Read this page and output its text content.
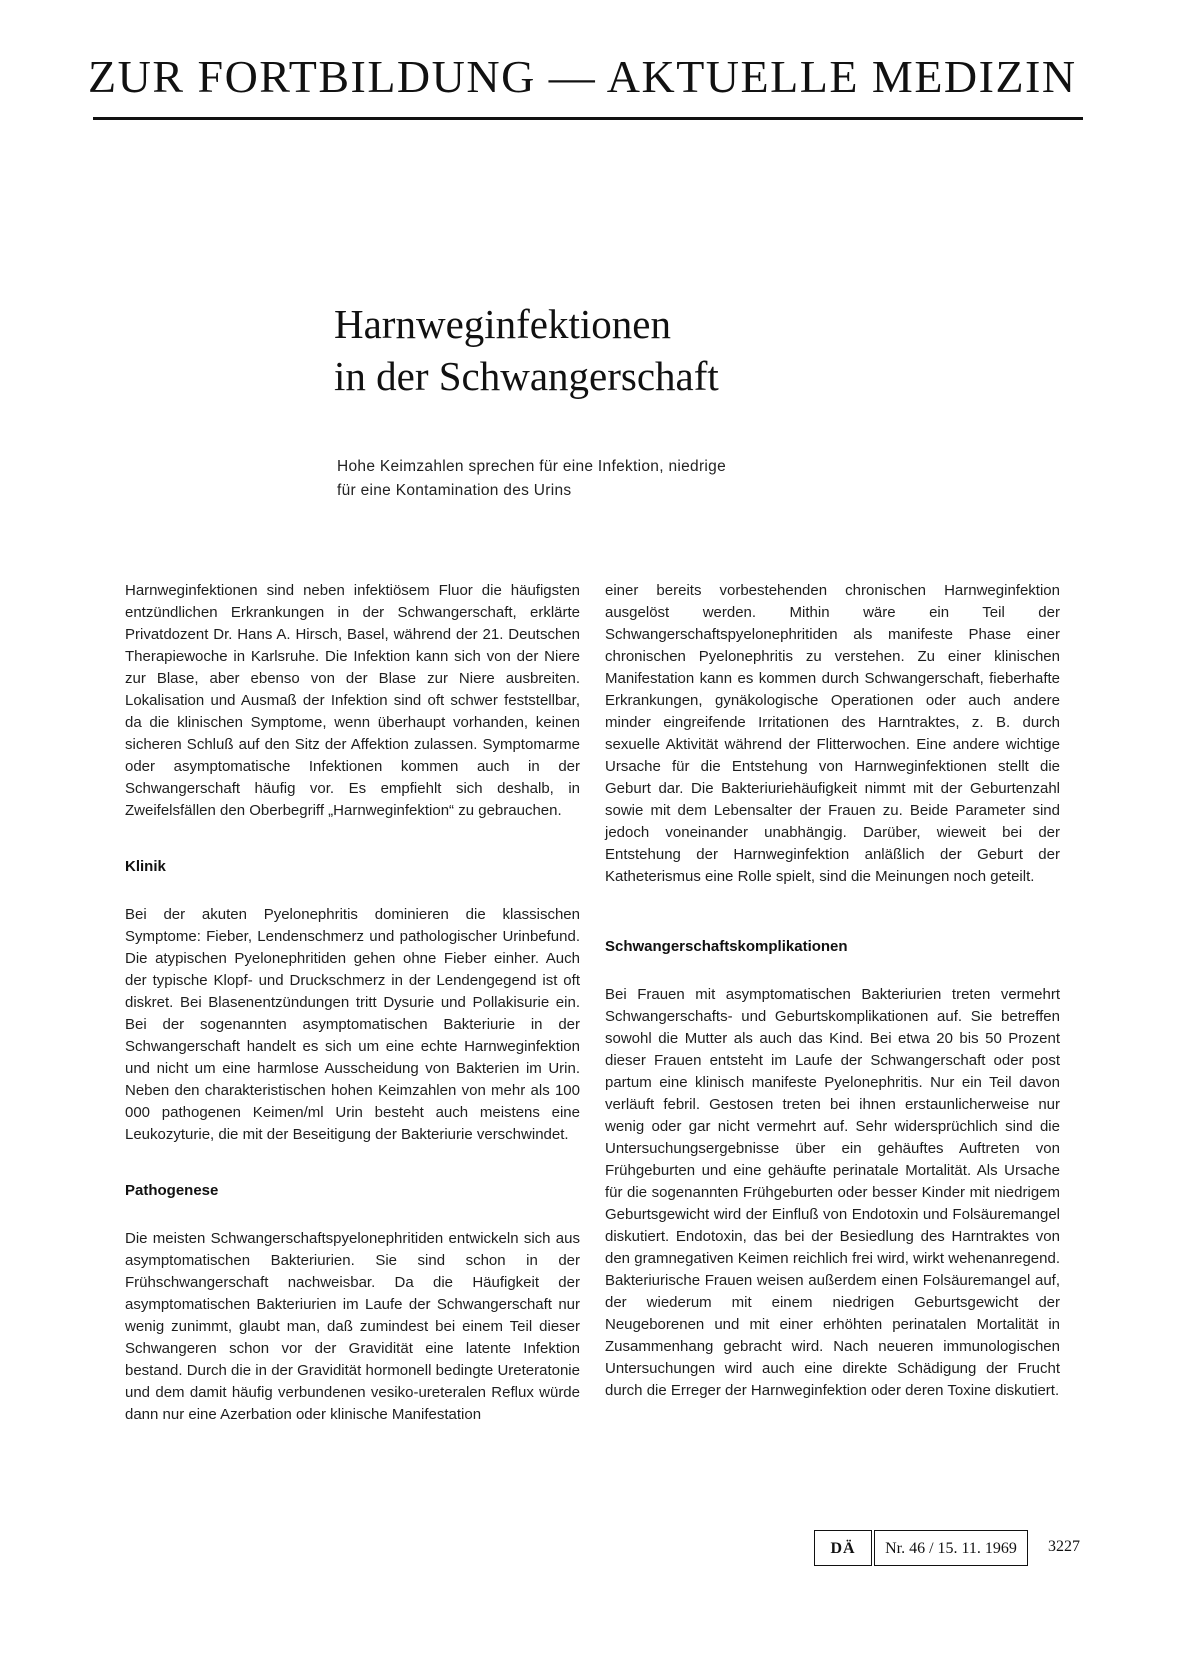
ZUR FORTBILDUNG — AKTUELLE MEDIZIN
Harnweginfektionen
in der Schwangerschaft
Hohe Keimzahlen sprechen für eine Infektion, niedrige
für eine Kontamination des Urins

Harnweginfektionen sind neben infektiösem Fluor die häufigsten entzündlichen Erkrankungen in der Schwangerschaft, erklärte Privatdozent Dr. Hans A. Hirsch, Basel, während der 21. Deutschen Therapiewoche in Karlsruhe. Die Infektion kann sich von der Niere zur Blase, aber ebenso von der Blase zur Niere ausbreiten. Lokalisation und Ausmaß der Infektion sind oft schwer feststellbar, da die klinischen Symptome, wenn überhaupt vorhanden, keinen sicheren Schluß auf den Sitz der Affektion zulassen. Symptomarme oder asymptomatische Infektionen kommen auch in der Schwangerschaft häufig vor. Es empfiehlt sich deshalb, in Zweifelsfällen den Oberbegriff „Harnweginfektion“ zu gebrauchen.

Klinik

Bei der akuten Pyelonephritis dominieren die klassischen Symptome: Fieber, Lendenschmerz und pathologischer Urinbefund. Die atypischen Pyelonephritiden gehen ohne Fieber einher. Auch der typische Klopf- und Druckschmerz in der Lendengegend ist oft diskret. Bei Blasenentzündungen tritt Dysurie und Pollakisurie ein. Bei der sogenannten asymptomatischen Bakteriurie in der Schwangerschaft handelt es sich um eine echte Harnweginfektion und nicht um eine harmlose Ausscheidung von Bakterien im Urin. Neben den charakteristischen hohen Keimzahlen von mehr als 100 000 pathogenen Keimen/ml Urin besteht auch meistens eine Leukozyturie, die mit der Beseitigung der Bakteriurie verschwindet.

Pathogenese

Die meisten Schwangerschaftspyelonephritiden entwickeln sich aus asymptomatischen Bakteriurien. Sie sind schon in der Frühschwangerschaft nachweisbar. Da die Häufigkeit der asymptomatischen Bakteriurien im Laufe der Schwangerschaft nur wenig zunimmt, glaubt man, daß zumindest bei einem Teil dieser Schwangeren schon vor der Gravidität eine latente Infektion bestand. Durch die in der Gravidität hormonell bedingte Ureteratonie und dem damit häufig verbundenen vesiko-ureteralen Reflux würde dann nur eine Azerbation oder klinische Manifestation

einer bereits vorbestehenden chronischen Harnweginfektion ausgelöst werden. Mithin wäre ein Teil der Schwangerschaftspyelonephritiden als manifeste Phase einer chronischen Pyelonephritis zu verstehen. Zu einer klinischen Manifestation kann es kommen durch Schwangerschaft, fieberhafte Erkrankungen, gynäkologische Operationen oder auch andere minder eingreifende Irritationen des Harntraktes, z. B. durch sexuelle Aktivität während der Flitterwochen. Eine andere wichtige Ursache für die Entstehung von Harnweginfektionen stellt die Geburt dar. Die Bakteriuriehäufigkeit nimmt mit der Geburtenzahl sowie mit dem Lebensalter der Frauen zu. Beide Parameter sind jedoch voneinander unabhängig. Darüber, wieweit bei der Entstehung der Harnweginfektion anläßlich der Geburt der Katheterismus eine Rolle spielt, sind die Meinungen noch geteilt.

Schwangerschaftskomplikationen

Bei Frauen mit asymptomatischen Bakteriurien treten vermehrt Schwangerschafts- und Geburtskomplikationen auf. Sie betreffen sowohl die Mutter als auch das Kind. Bei etwa 20 bis 50 Prozent dieser Frauen entsteht im Laufe der Schwangerschaft oder post partum eine klinisch manifeste Pyelonephritis. Nur ein Teil davon verläuft febril. Gestosen treten bei ihnen erstaunlicherweise nur wenig oder gar nicht vermehrt auf. Sehr widersprüchlich sind die Untersuchungsergebnisse über ein gehäuftes Auftreten von Frühgeburten und eine gehäufte perinatale Mortalität. Als Ursache für die sogenannten Frühgeburten oder besser Kinder mit niedrigem Geburtsgewicht wird der Einfluß von Endotoxin und Folsäuremangel diskutiert. Endotoxin, das bei der Besiedlung des Harntraktes von den gramnegativen Keimen reichlich frei wird, wirkt wehenanregend. Bakteriurische Frauen weisen außerdem einen Folsäuremangel auf, der wiederum mit einem niedrigen Geburtsgewicht der Neugeborenen und mit einer erhöhten perinatalen Mortalität in Zusammenhang gebracht wird. Nach neueren immunologischen Untersuchungen wird auch eine direkte Schädigung der Frucht durch die Erreger der Harnweginfektion oder deren Toxine diskutiert.

DÄ	Nr. 46 / 15. 11. 1969	3227
